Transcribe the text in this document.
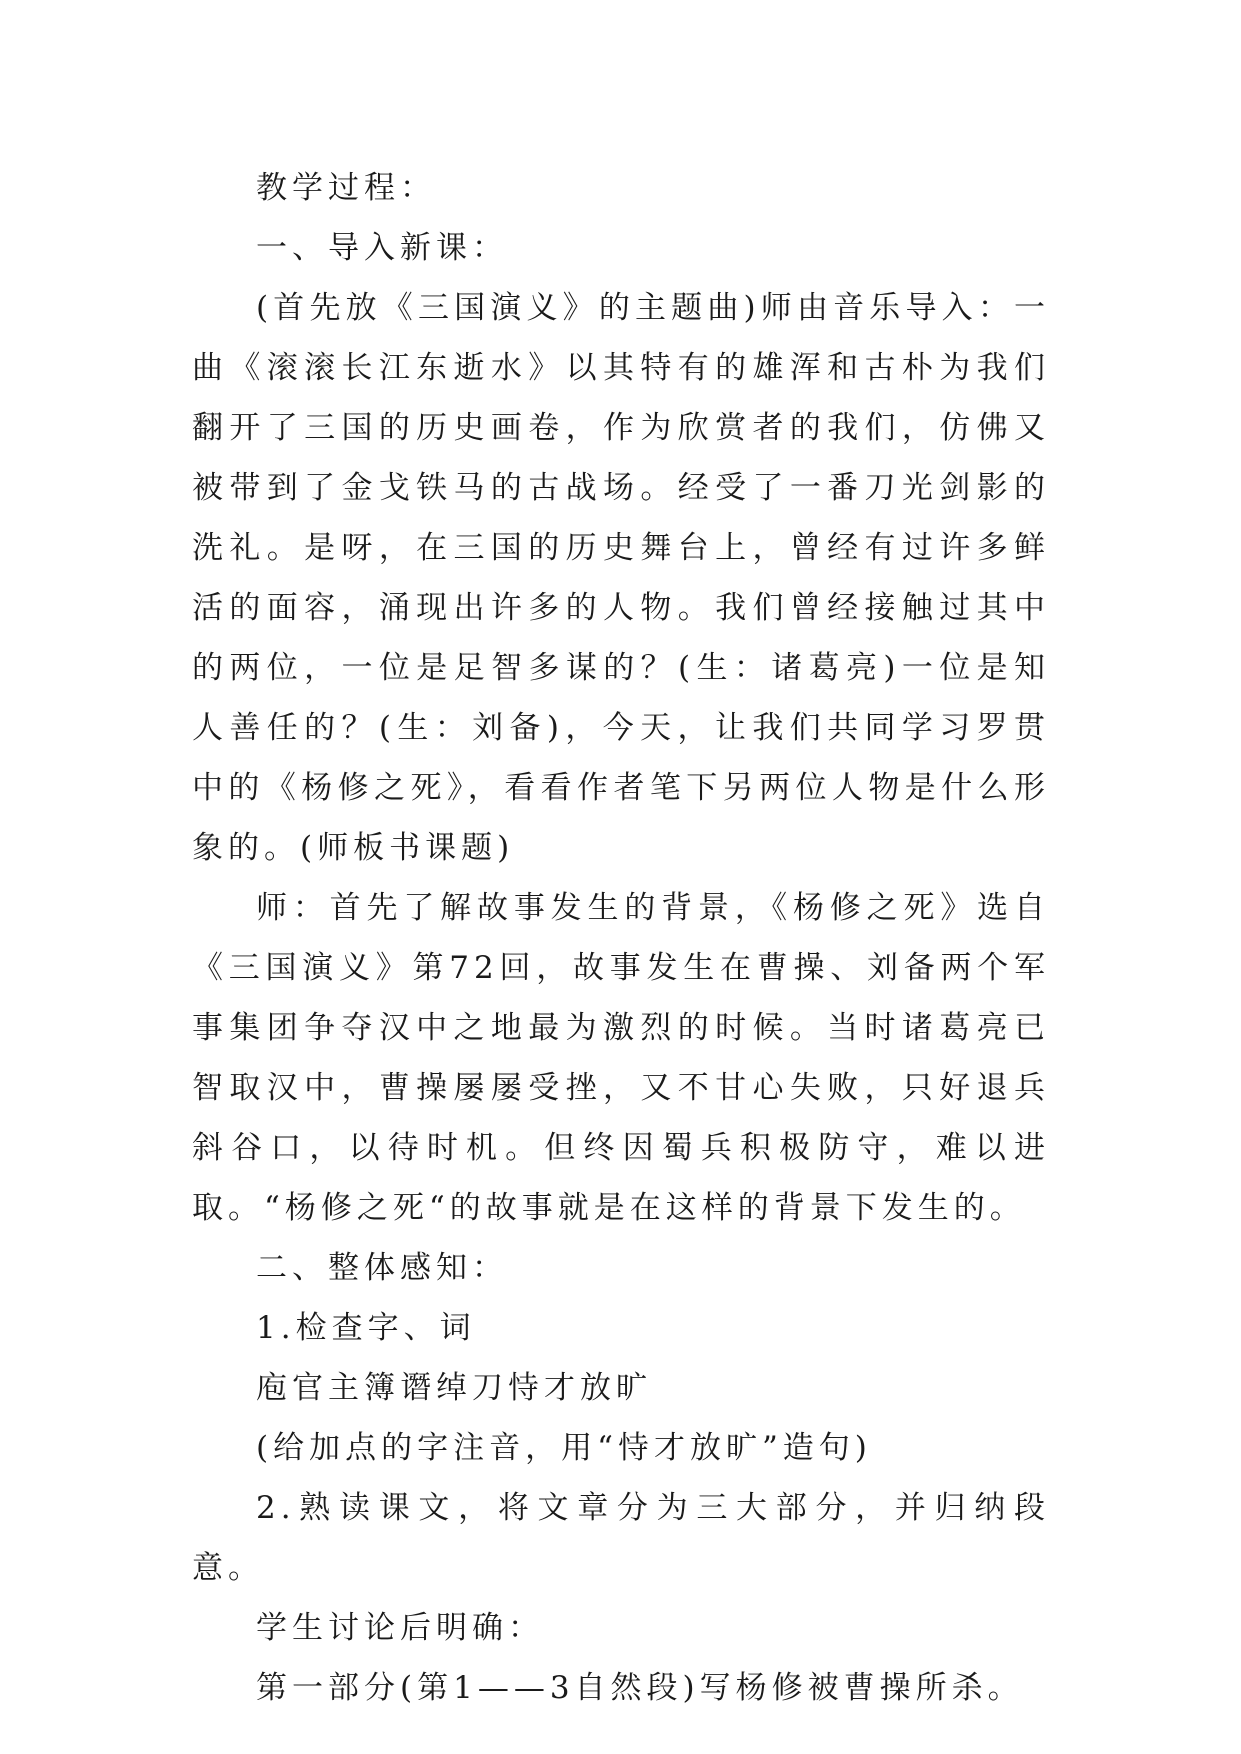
教学过程：

一、导入新课：

(首先放《三国演义》的主题曲)师由音乐导入：一曲《滚滚长江东逝水》以其特有的雄浑和古朴为我们翻开了三国的历史画卷，作为欣赏者的我们，仿佛又被带到了金戈铁马的古战场。经受了一番刀光剑影的洗礼。是呀，在三国的历史舞台上，曾经有过许多鲜活的面容，涌现出许多的人物。我们曾经接触过其中的两位，一位是足智多谋的？(生：诸葛亮)一位是知人善任的？(生：刘备)，今天，让我们共同学习罗贯中的《杨修之死》，看看作者笔下另两位人物是什么形象的。(师板书课题)

师：首先了解故事发生的背景，《杨修之死》选自《三国演义》第72回，故事发生在曹操、刘备两个军事集团争夺汉中之地最为激烈的时候。当时诸葛亮已智取汉中，曹操屡屡受挫，又不甘心失败，只好退兵斜谷口，以待时机。但终因蜀兵积极防守，难以进取。“杨修之死“的故事就是在这样的背景下发生的。

二、整体感知：

1.检查字、词

庖官主簿谮绰刀恃才放旷

(给加点的字注音，用“恃才放旷”造句)

2.熟读课文，将文章分为三大部分，并归纳段意。

学生讨论后明确：

第一部分(第1——3自然段)写杨修被曹操所杀。
